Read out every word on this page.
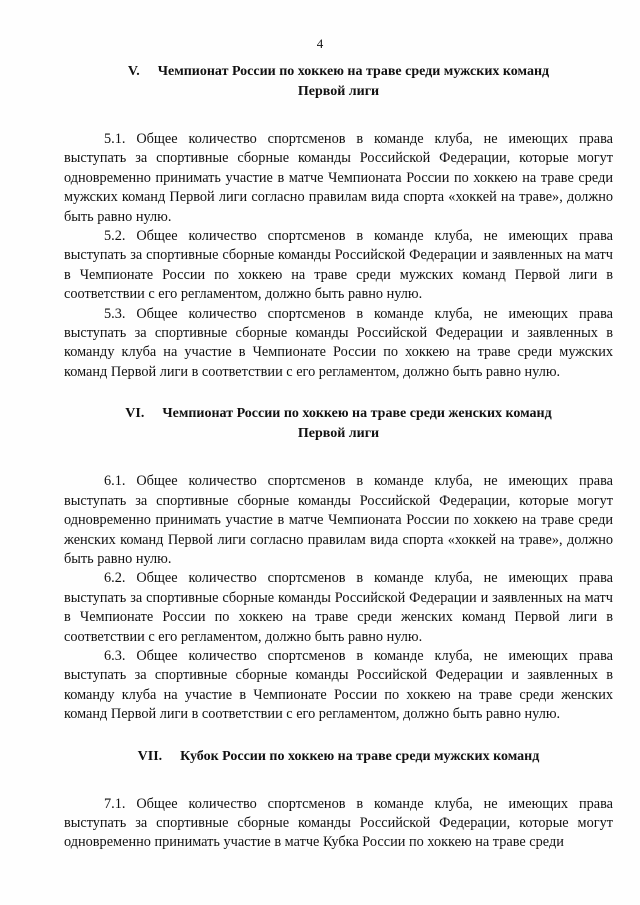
4

V. Чемпионат России по хоккею на траве среди мужских команд
Первой лиги

5.1. Общее количество спортсменов в команде клуба, не имеющих права выступать за спортивные сборные команды Российской Федерации, которые могут одновременно принимать участие в матче Чемпионата России по хоккею на траве среди мужских команд Первой лиги согласно правилам вида спорта «хоккей на траве», должно быть равно нулю.

5.2. Общее количество спортсменов в команде клуба, не имеющих права выступать за спортивные сборные команды Российской Федерации и заявленных на матч в Чемпионате России по хоккею на траве среди мужских команд Первой лиги в соответствии с его регламентом, должно быть равно нулю.

5.3. Общее количество спортсменов в команде клуба, не имеющих права выступать за спортивные сборные команды Российской Федерации и заявленных в команду клуба на участие в Чемпионате России по хоккею на траве среди мужских команд Первой лиги в соответствии с его регламентом, должно быть равно нулю.

VI. Чемпионат России по хоккею на траве среди женских команд
Первой лиги

6.1. Общее количество спортсменов в команде клуба, не имеющих права выступать за спортивные сборные команды Российской Федерации, которые могут одновременно принимать участие в матче Чемпионата России по хоккею на траве среди женских команд Первой лиги согласно правилам вида спорта «хоккей на траве», должно быть равно нулю.

6.2. Общее количество спортсменов в команде клуба, не имеющих права выступать за спортивные сборные команды Российской Федерации и заявленных на матч в Чемпионате России по хоккею на траве среди женских команд Первой лиги в соответствии с его регламентом, должно быть равно нулю.

6.3. Общее количество спортсменов в команде клуба, не имеющих права выступать за спортивные сборные команды Российской Федерации и заявленных в команду клуба на участие в Чемпионате России по хоккею на траве среди женских команд Первой лиги в соответствии с его регламентом, должно быть равно нулю.

VII. Кубок России по хоккею на траве среди мужских команд

7.1. Общее количество спортсменов в команде клуба, не имеющих права выступать за спортивные сборные команды Российской Федерации, которые могут одновременно принимать участие в матче Кубка России по хоккею на траве среди
